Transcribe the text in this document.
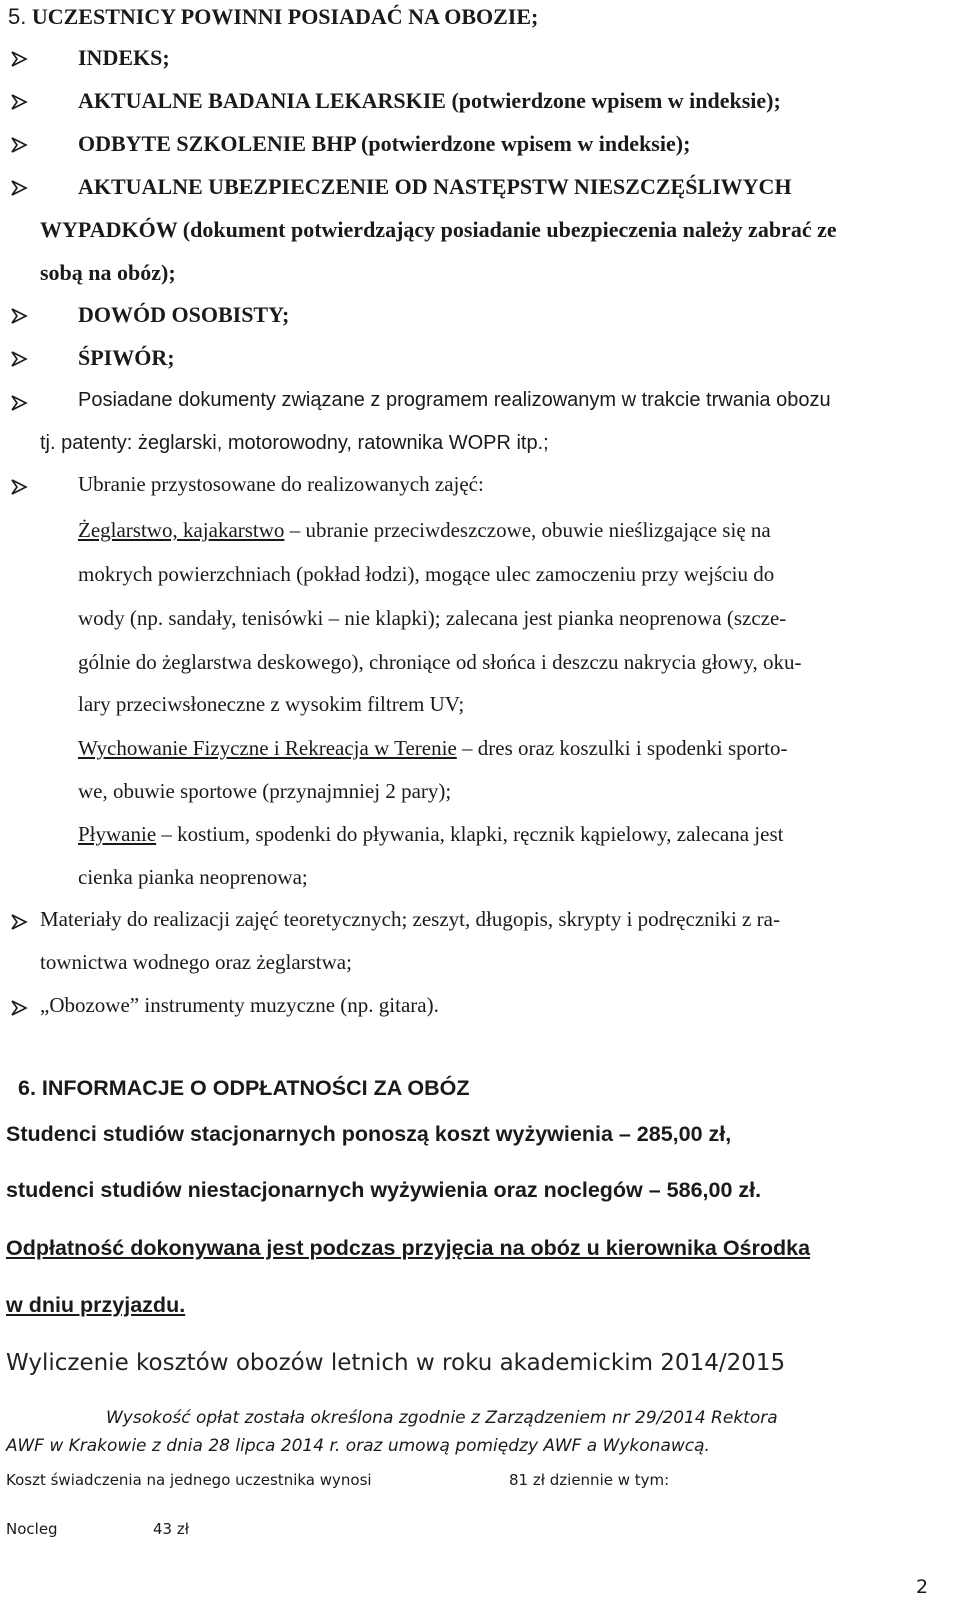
5. UCZESTNICY POWINNI POSIADAĆ NA OBOZIE;
INDEKS;
AKTUALNE BADANIA LEKARSKIE (potwierdzone wpisem w indeksie);
ODBYTE SZKOLENIE BHP (potwierdzone wpisem w indeksie);
AKTUALNE UBEZPIECZENIE OD NASTĘPSTW NIESZCZĘŚLIWYCH
WYPADKÓW (dokument potwierdzający posiadanie ubezpieczenia należy zabrać ze
sobą na obóz);
DOWÓD OSOBISTY;
ŚPIWÓR;
Posiadane dokumenty związane z programem realizowanym w trakcie trwania obozu
tj. patenty: żeglarski, motorowodny, ratownika WOPR itp.;
Ubranie przystosowane do realizowanych zajęć:
Żeglarstwo, kajakarstwo – ubranie przeciwdeszczowe, obuwie nieślizgające się na
mokrych powierzchniach (pokład łodzi), mogące ulec zamoczeniu przy wejściu do
wody (np. sandały, tenisówki – nie klapki); zalecana jest pianka neoprenowa (szcze-
gólnie do żeglarstwa deskowego), chroniące od słońca i deszczu nakrycia głowy, oku-
lary przeciwsłoneczne z wysokim filtrem UV;
Wychowanie Fizyczne i Rekreacja w Terenie – dres oraz koszulki i spodenki sporto-
we, obuwie sportowe (przynajmniej 2 pary);
Pływanie – kostium, spodenki do pływania, klapki, ręcznik kąpielowy, zalecana jest
cienka pianka neoprenowa;
Materiały do realizacji zajęć teoretycznych; zeszyt, długopis, skrypty i podręczniki z ra-
townictwa wodnego oraz żeglarstwa;
„Obozowe” instrumenty muzyczne (np. gitara).
6. INFORMACJE O ODPŁATNOŚCI ZA OBÓZ
Studenci studiów stacjonarnych ponoszą koszt wyżywienia – 285,00 zł,
studenci studiów niestacjonarnych wyżywienia oraz noclegów – 586,00 zł.
Odpłatność dokonywana jest podczas przyjęcia na obóz u kierownika Ośrodka
w dniu przyjazdu.
Wyliczenie kosztów obozów letnich w roku akademickim 2014/2015
Wysokość opłat została określona zgodnie z Zarządzeniem nr 29/2014 Rektora
AWF w Krakowie z dnia 28 lipca 2014 r. oraz umową pomiędzy AWF a Wykonawcą.
Koszt świadczenia na jednego uczestnika wynosi	81 zł dziennie w tym:
Nocleg	43 zł
2
